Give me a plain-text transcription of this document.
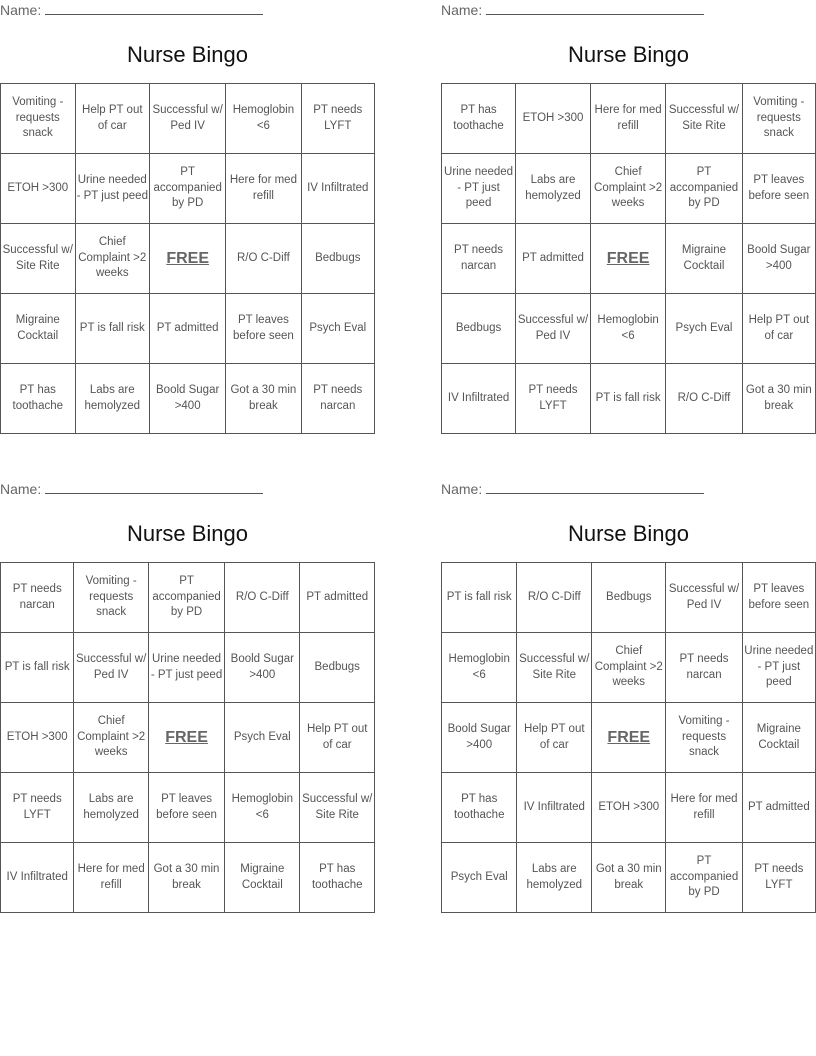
Name:
Nurse Bingo
Vomiting - requests snack	Help PT out of car	Successful w/ Ped IV	Hemoglobin <6	PT needs LYFT
ETOH >300	Urine needed - PT just peed	PT accompanied by PD	Here for med refill	IV Infiltrated
Successful w/ Site Rite	Chief Complaint >2 weeks	FREE	R/O C-Diff	Bedbugs
Migraine Cocktail	PT is fall risk	PT admitted	PT leaves before seen	Psych Eval
PT has toothache	Labs are hemolyzed	Boold Sugar >400	Got a 30 min break	PT needs narcan
Name:
Nurse Bingo
PT has toothache	ETOH >300	Here for med refill	Successful w/ Site Rite	Vomiting - requests snack
Urine needed - PT just peed	Labs are hemolyzed	Chief Complaint >2 weeks	PT accompanied by PD	PT leaves before seen
PT needs narcan	PT admitted	FREE	Migraine Cocktail	Boold Sugar >400
Bedbugs	Successful w/ Ped IV	Hemoglobin <6	Psych Eval	Help PT out of car
IV Infiltrated	PT needs LYFT	PT is fall risk	R/O C-Diff	Got a 30 min break
Name:
Nurse Bingo
PT needs narcan	Vomiting - requests snack	PT accompanied by PD	R/O C-Diff	PT admitted
PT is fall risk	Successful w/ Ped IV	Urine needed - PT just peed	Boold Sugar >400	Bedbugs
ETOH >300	Chief Complaint >2 weeks	FREE	Psych Eval	Help PT out of car
PT needs LYFT	Labs are hemolyzed	PT leaves before seen	Hemoglobin <6	Successful w/ Site Rite
IV Infiltrated	Here for med refill	Got a 30 min break	Migraine Cocktail	PT has toothache
Name:
Nurse Bingo
PT is fall risk	R/O C-Diff	Bedbugs	Successful w/ Ped IV	PT leaves before seen
Hemoglobin <6	Successful w/ Site Rite	Chief Complaint >2 weeks	PT needs narcan	Urine needed - PT just peed
Boold Sugar >400	Help PT out of car	FREE	Vomiting - requests snack	Migraine Cocktail
PT has toothache	IV Infiltrated	ETOH >300	Here for med refill	PT admitted
Psych Eval	Labs are hemolyzed	Got a 30 min break	PT accompanied by PD	PT needs LYFT
